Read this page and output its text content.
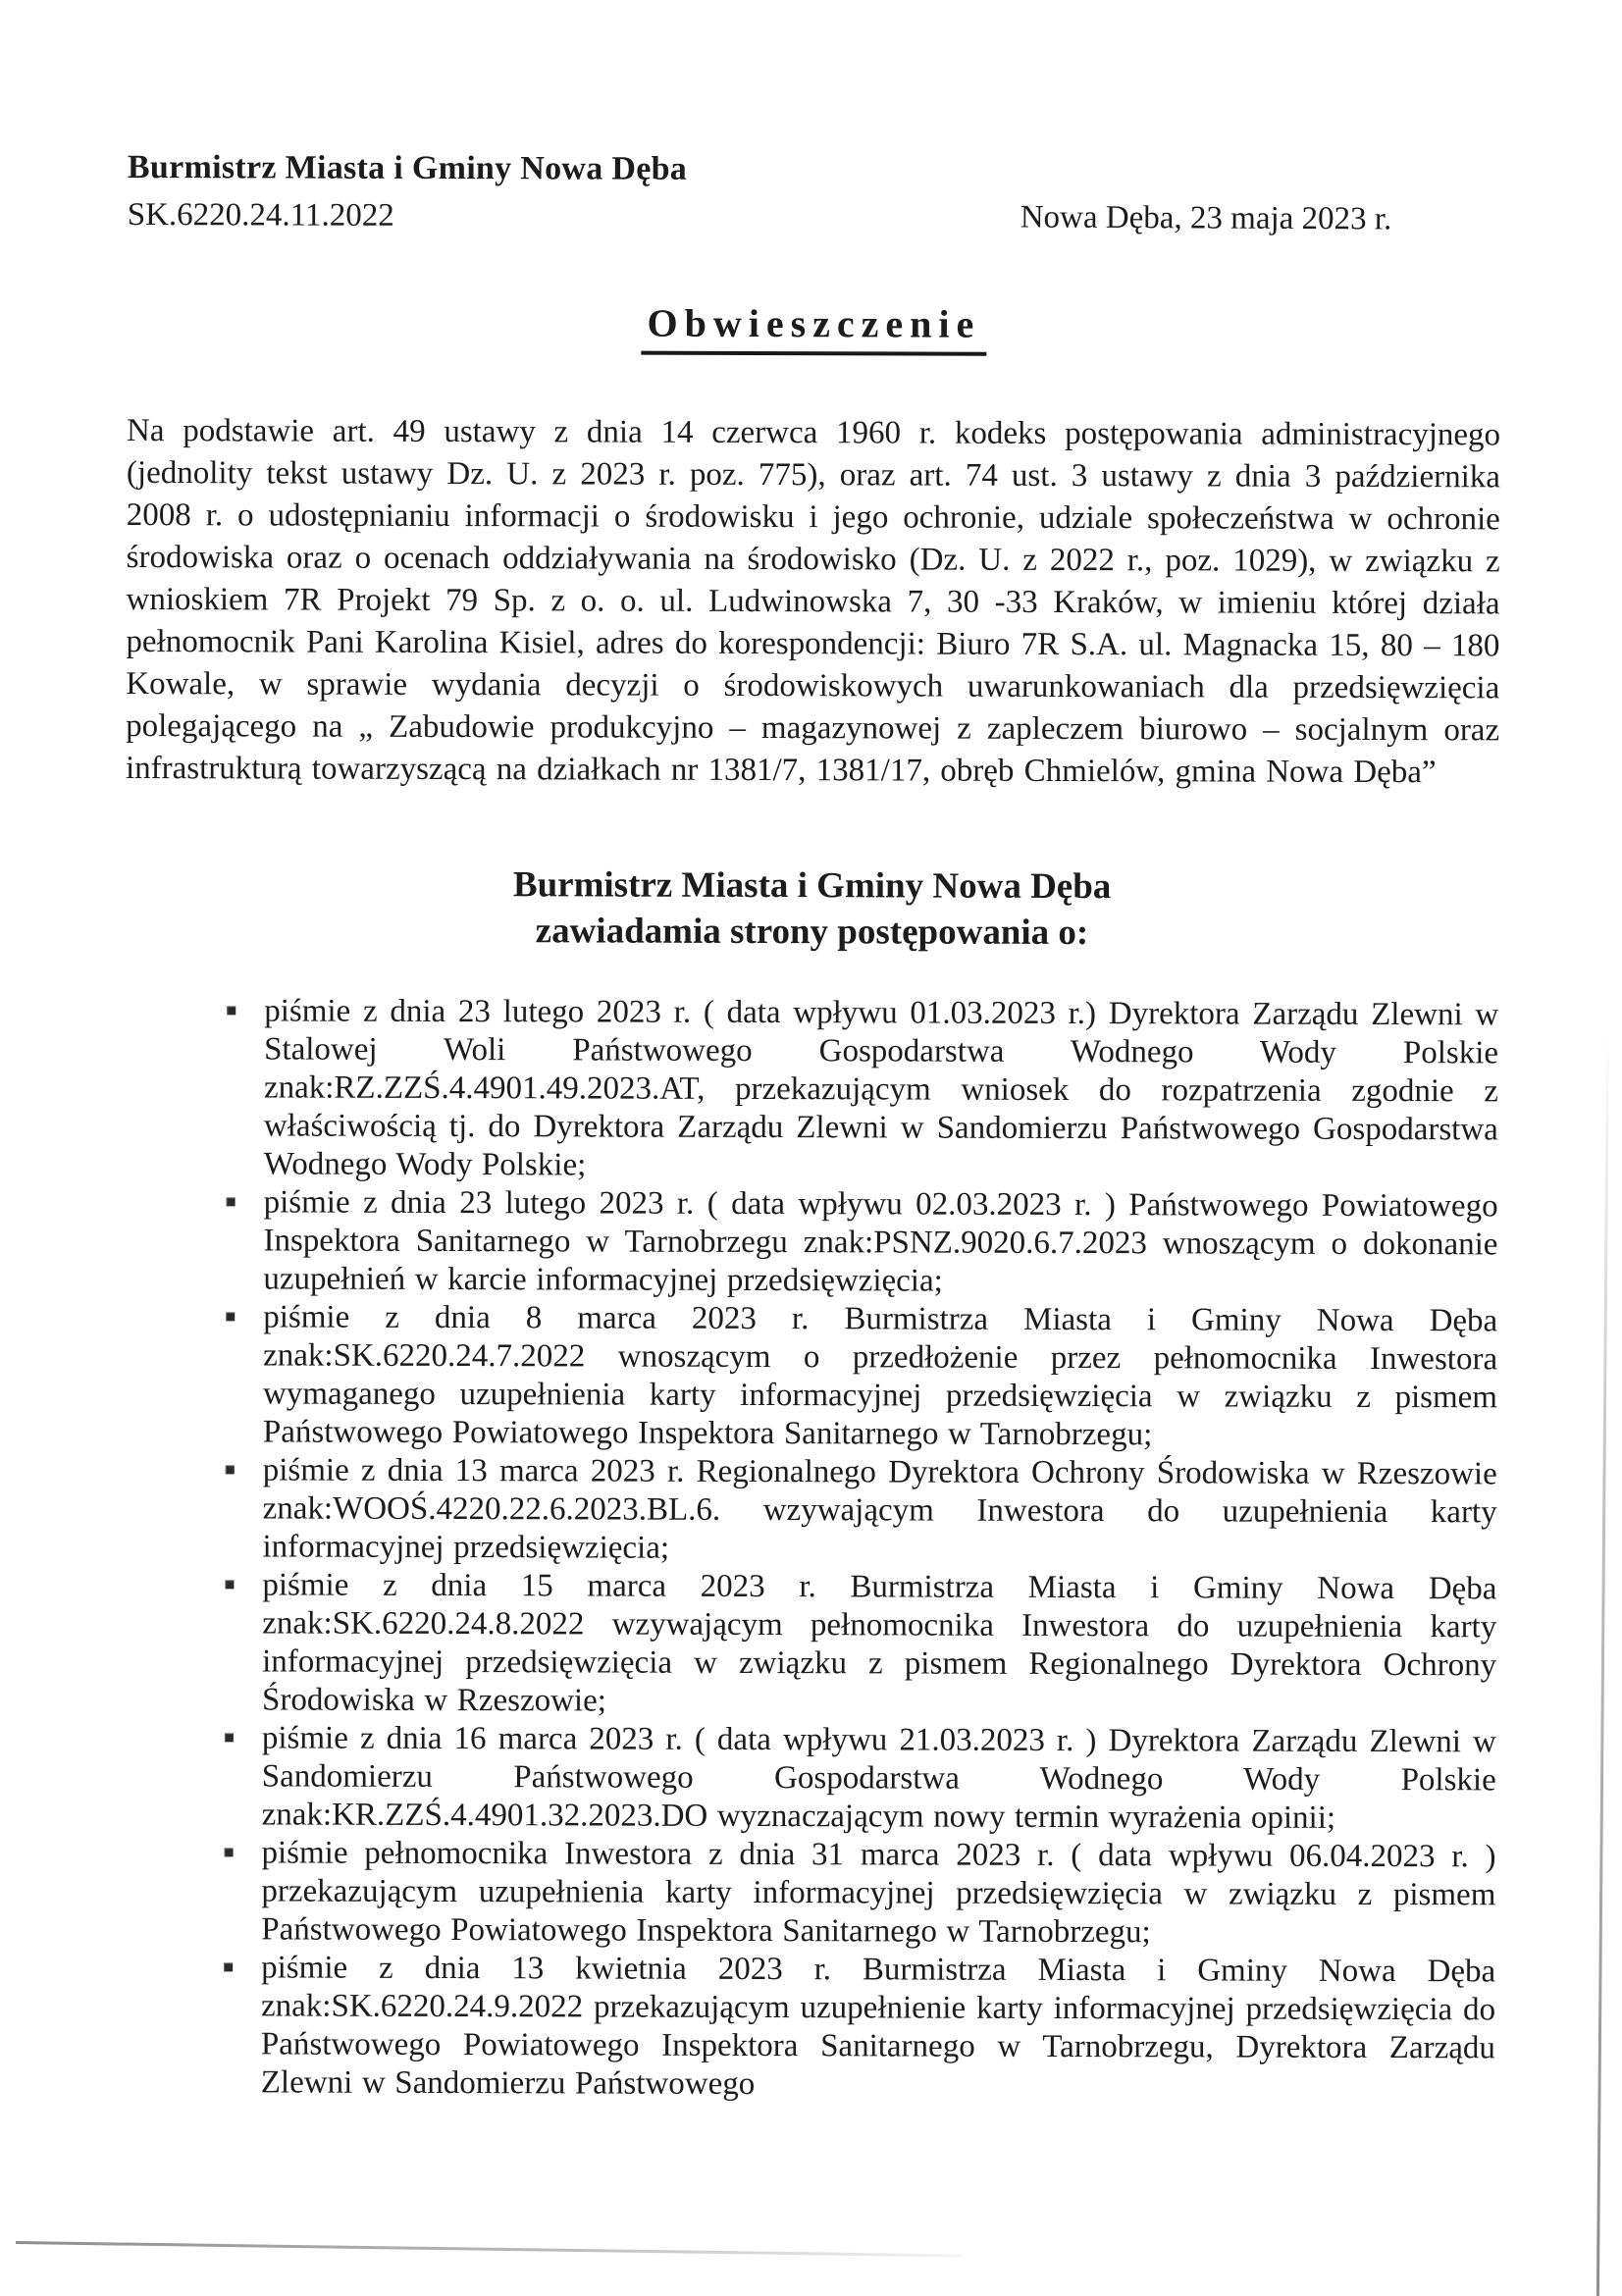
Burmistrz Miasta i Gminy Nowa Dęba
SK.6220.24.11.2022	Nowa Dęba, 23 maja 2023 r.
Obwieszczenie

Na podstawie art. 49 ustawy z dnia 14 czerwca 1960 r. kodeks postępowania administracyjnego (jednolity tekst ustawy Dz. U. z 2023 r. poz. 775), oraz art. 74 ust. 3 ustawy z dnia 3 października 2008 r. o udostępnianiu informacji o środowisku i jego ochronie, udziale społeczeństwa w ochronie środowiska oraz o ocenach oddziaływania na środowisko (Dz. U. z 2022 r., poz. 1029), w związku z wnioskiem 7R Projekt 79 Sp. z o. o. ul. Ludwinowska 7, 30 -33 Kraków, w imieniu której działa pełnomocnik Pani Karolina Kisiel, adres do korespondencji: Biuro 7R S.A. ul. Magnacka 15, 80 – 180 Kowale, w sprawie wydania decyzji o środowiskowych uwarunkowaniach dla przedsięwzięcia polegającego na „ Zabudowie produkcyjno – magazynowej z zapleczem biurowo – socjalnym oraz infrastrukturą towarzyszącą na działkach nr 1381/7, 1381/17, obręb Chmielów, gmina Nowa Dęba”

Burmistrz Miasta i Gminy Nowa Dęba
zawiadamia strony postępowania o:
piśmie z dnia 23 lutego 2023 r. ( data wpływu 01.03.2023 r.) Dyrektora Zarządu Zlewni w Stalowej Woli Państwowego Gospodarstwa Wodnego Wody Polskie znak:RZ.ZZŚ.4.4901.49.2023.AT, przekazującym wniosek do rozpatrzenia zgodnie z właściwością tj. do Dyrektora Zarządu Zlewni w Sandomierzu Państwowego Gospodarstwa Wodnego Wody Polskie;
piśmie z dnia 23 lutego 2023 r. ( data wpływu 02.03.2023 r. ) Państwowego Powiatowego Inspektora Sanitarnego w Tarnobrzegu znak:PSNZ.9020.6.7.2023 wnoszącym o dokonanie uzupełnień w karcie informacyjnej przedsięwzięcia;
piśmie z dnia 8 marca 2023 r. Burmistrza Miasta i Gminy Nowa Dęba znak:SK.6220.24.7.2022 wnoszącym o przedłożenie przez pełnomocnika Inwestora wymaganego uzupełnienia karty informacyjnej przedsięwzięcia w związku z pismem Państwowego Powiatowego Inspektora Sanitarnego w Tarnobrzegu;
piśmie z dnia 13 marca 2023 r. Regionalnego Dyrektora Ochrony Środowiska w Rzeszowie znak:WOOŚ.4220.22.6.2023.BL.6. wzywającym Inwestora do uzupełnienia karty informacyjnej przedsięwzięcia;
piśmie z dnia 15 marca 2023 r. Burmistrza Miasta i Gminy Nowa Dęba znak:SK.6220.24.8.2022 wzywającym pełnomocnika Inwestora do uzupełnienia karty informacyjnej przedsięwzięcia w związku z pismem Regionalnego Dyrektora Ochrony Środowiska w Rzeszowie;
piśmie z dnia 16 marca 2023 r. ( data wpływu 21.03.2023 r. ) Dyrektora Zarządu Zlewni w Sandomierzu Państwowego Gospodarstwa Wodnego Wody Polskie znak:KR.ZZŚ.4.4901.32.2023.DO wyznaczającym nowy termin wyrażenia opinii;
piśmie pełnomocnika Inwestora z dnia 31 marca 2023 r. ( data wpływu 06.04.2023 r. ) przekazującym uzupełnienia karty informacyjnej przedsięwzięcia w związku z pismem Państwowego Powiatowego Inspektora Sanitarnego w Tarnobrzegu;
piśmie z dnia 13 kwietnia 2023 r. Burmistrza Miasta i Gminy Nowa Dęba znak:SK.6220.24.9.2022 przekazującym uzupełnienie karty informacyjnej przedsięwzięcia do Państwowego Powiatowego Inspektora Sanitarnego w Tarnobrzegu, Dyrektora Zarządu Zlewni w Sandomierzu Państwowego
